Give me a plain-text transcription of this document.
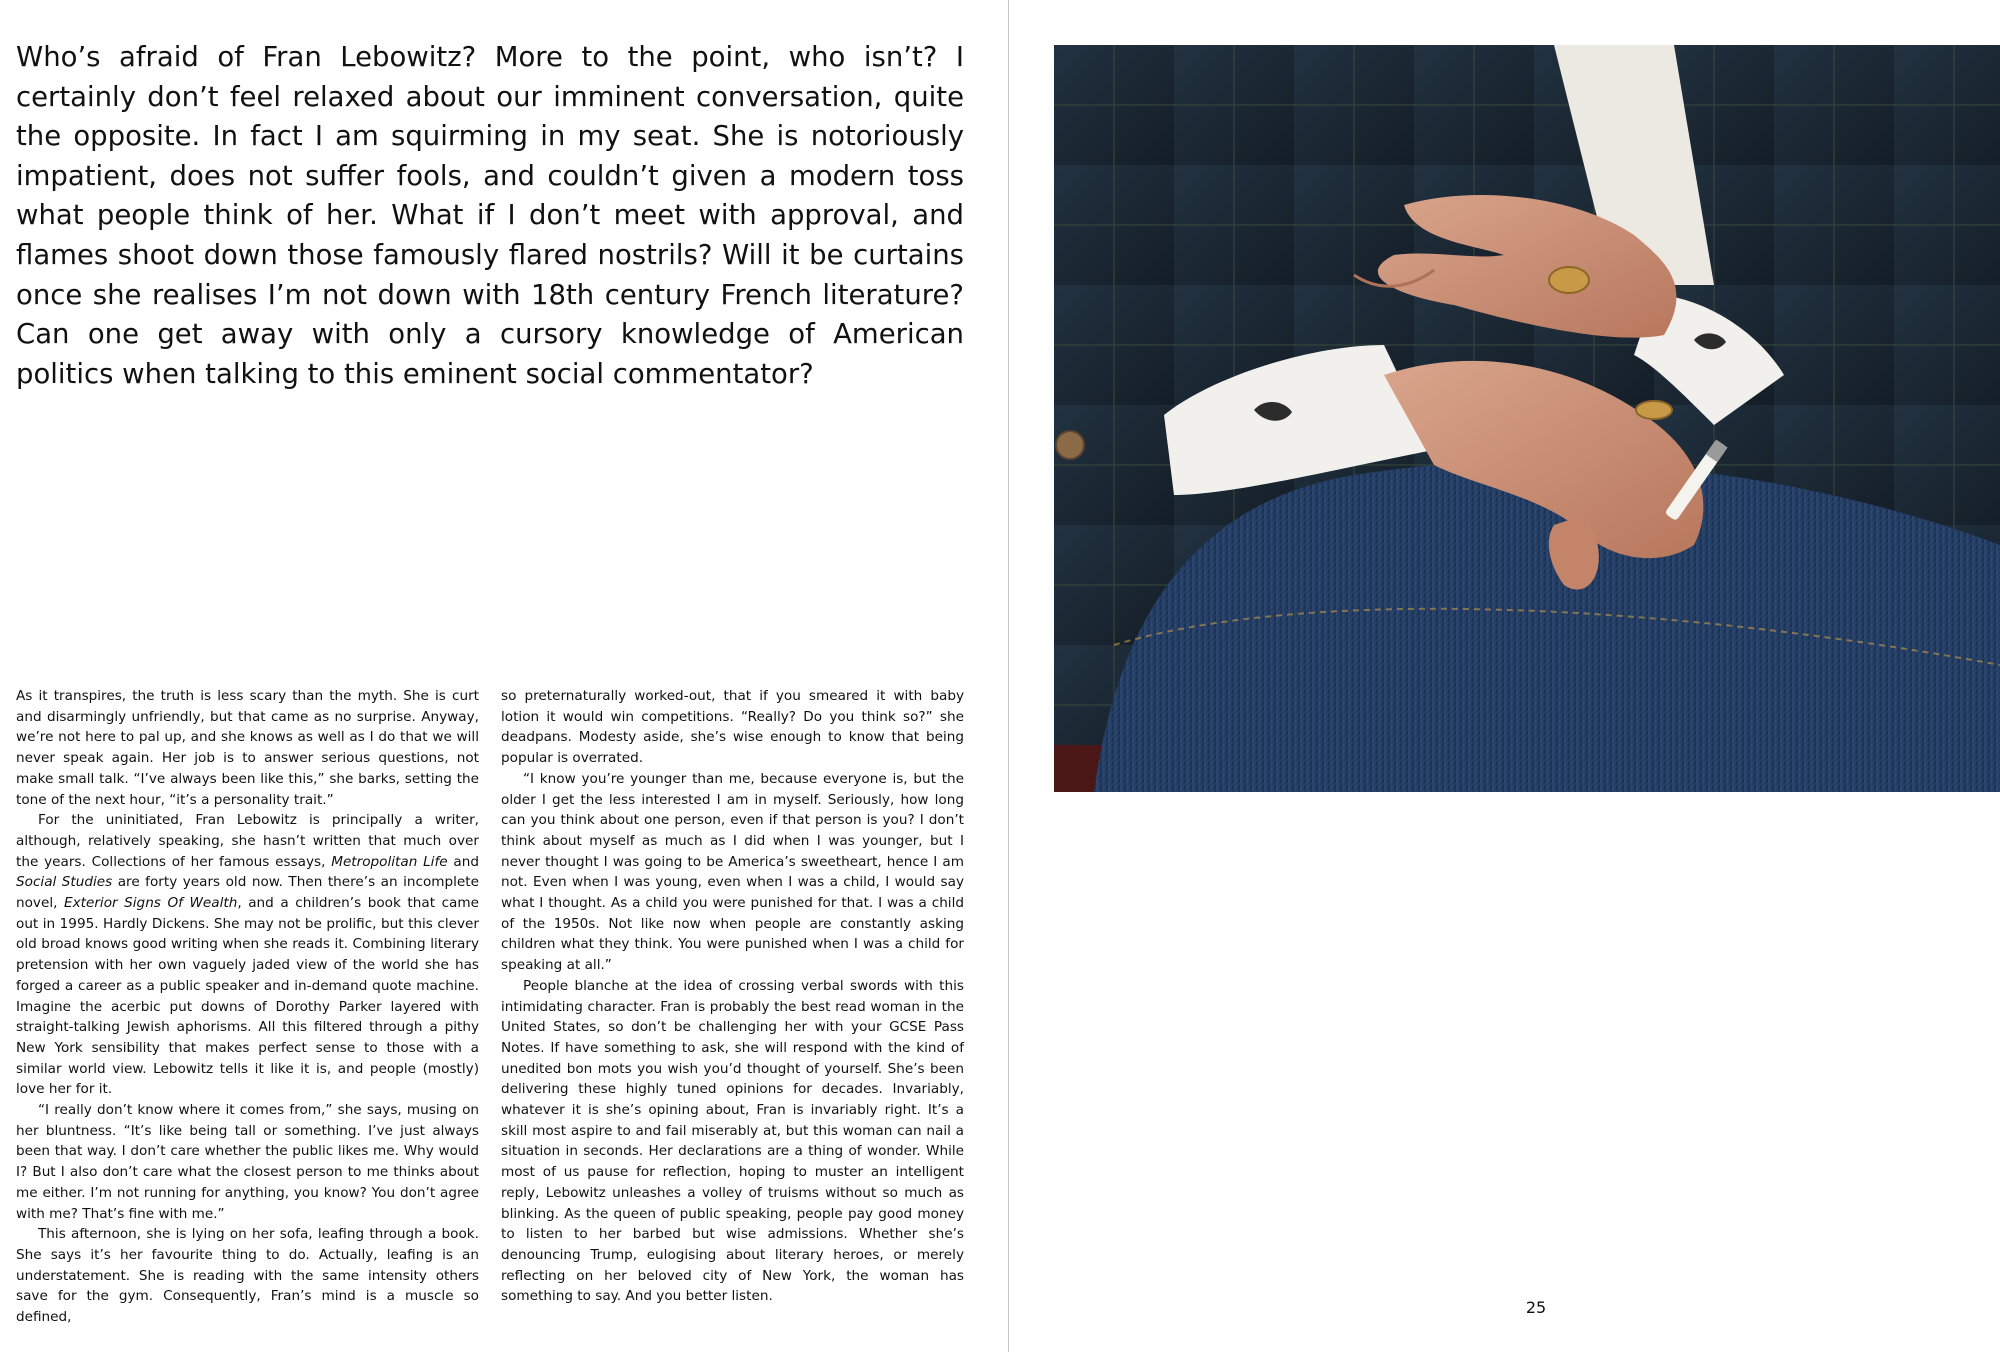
Who’s afraid of Fran Lebowitz? More to the point, who isn’t? I certainly don’t feel relaxed about our imminent conversation, quite the opposite. In fact I am squirming in my seat. She is notoriously impatient, does not suffer fools, and couldn’t given a modern toss what people think of her. What if I don’t meet with approval, and flames shoot down those famously flared nostrils? Will it be curtains once she realises I’m not down with 18th century French literature? Can one get away with only a cursory knowledge of American politics when talking to this eminent social commentator?

As it transpires, the truth is less scary than the myth. She is curt and disarmingly unfriendly, but that came as no surprise. Anyway, we’re not here to pal up, and she knows as well as I do that we will never speak again. Her job is to answer serious questions, not make small talk. “I’ve always been like this,” she barks, setting the tone of the next hour, “it’s a personality trait.”

For the uninitiated, Fran Lebowitz is principally a writer, although, relatively speaking, she hasn’t written that much over the years. Collections of her famous essays, Metropolitan Life and Social Studies are forty years old now. Then there’s an incomplete novel, Exterior Signs Of Wealth, and a children’s book that came out in 1995. Hardly Dickens. She may not be prolific, but this clever old broad knows good writing when she reads it. Combining literary pretension with her own vaguely jaded view of the world she has forged a career as a public speaker and in-demand quote machine. Imagine the acerbic put downs of Dorothy Parker layered with straight-talking Jewish aphorisms. All this filtered through a pithy New York sensibility that makes perfect sense to those with a similar world view. Lebowitz tells it like it is, and people (mostly) love her for it.

“I really don’t know where it comes from,” she says, musing on her bluntness. “It’s like being tall or something. I’ve just always been that way. I don’t care whether the public likes me. Why would I? But I also don’t care what the closest person to me thinks about me either. I’m not running for anything, you know? You don’t agree with me? That’s fine with me.”

This afternoon, she is lying on her sofa, leafing through a book. She says it’s her favourite thing to do. Actually, leafing is an understatement. She is reading with the same intensity others save for the gym. Consequently, Fran’s mind is a muscle so defined,

so preternaturally worked-out, that if you smeared it with baby lotion it would win competitions. “Really? Do you think so?” she deadpans. Modesty aside, she’s wise enough to know that being popular is overrated.

“I know you’re younger than me, because everyone is, but the older I get the less interested I am in myself. Seriously, how long can you think about one person, even if that person is you? I don’t think about myself as much as I did when I was younger, but I never thought I was going to be America’s sweetheart, hence I am not. Even when I was young, even when I was a child, I would say what I thought. As a child you were punished for that. I was a child of the 1950s. Not like now when people are constantly asking children what they think. You were punished when I was a child for speaking at all.”

People blanche at the idea of crossing verbal swords with this intimidating character. Fran is probably the best read woman in the United States, so don’t be challenging her with your GCSE Pass Notes. If have something to ask, she will respond with the kind of unedited bon mots you wish you’d thought of yourself. She’s been delivering these highly tuned opinions for decades. Invariably, whatever it is she’s opining about, Fran is invariably right. It’s a skill most aspire to and fail miserably at, but this woman can nail a situation in seconds. Her declarations are a thing of wonder. While most of us pause for reflection, hoping to muster an intelligent reply, Lebowitz unleashes a volley of truisms without so much as blinking. As the queen of public speaking, people pay good money to listen to her barbed but wise admissions. Whether she’s denouncing Trump, eulogising about literary heroes, or merely reflecting on her beloved city of New York, the woman has something to say. And you better listen.

25
